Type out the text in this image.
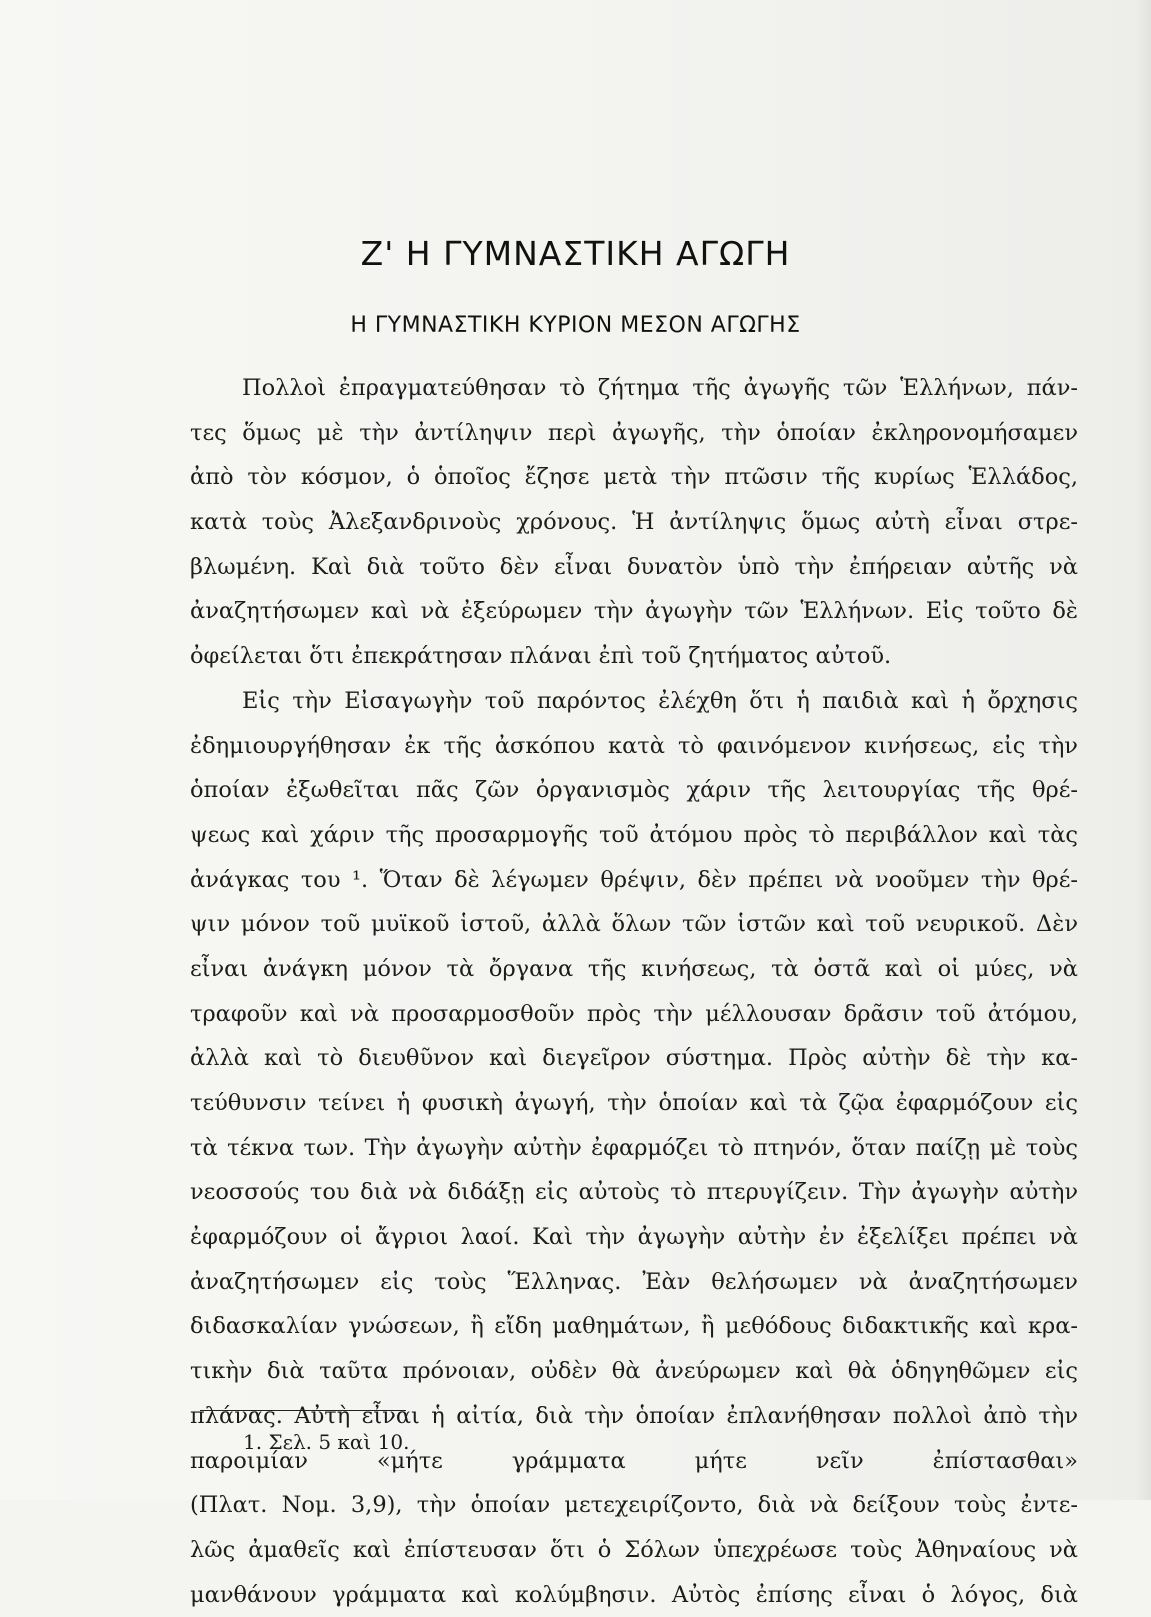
Ζ' Η ΓΥΜΝΑΣΤΙΚΗ ΑΓΩΓΗ
Η ΓΥΜΝΑΣΤΙΚΗ ΚΥΡΙΟΝ ΜΕΣΟΝ ΑΓΩΓΗΣ
Πολλοὶ ἐπραγματεύθησαν τὸ ζήτημα τῆς ἀγωγῆς τῶν Ἑλλήνων, πάν-
τες ὅμως μὲ τὴν ἀντίληψιν περὶ ἀγωγῆς, τὴν ὁποίαν ἐκληρονομήσαμεν
ἀπὸ τὸν κόσμον, ὁ ὁποῖος ἔζησε μετὰ τὴν πτῶσιν τῆς κυρίως Ἑλλάδος,
κατὰ τοὺς Ἀλεξανδρινοὺς χρόνους. Ἡ ἀντίληψις ὅμως αὐτὴ εἶναι στρε-
βλωμένη. Καὶ διὰ τοῦτο δὲν εἶναι δυνατὸν ὑπὸ τὴν ἐπήρειαν αὐτῆς νὰ
ἀναζητήσωμεν καὶ νὰ ἐξεύρωμεν τὴν ἀγωγὴν τῶν Ἑλλήνων. Εἰς τοῦτο δὲ
ὀφείλεται ὅτι ἐπεκράτησαν πλάναι ἐπὶ τοῦ ζητήματος αὐτοῦ.
Εἰς τὴν Εἰσαγωγὴν τοῦ παρόντος ἐλέχθη ὅτι ἡ παιδιὰ καὶ ἡ ὄρχησις
ἐδημιουργήθησαν ἐκ τῆς ἀσκόπου κατὰ τὸ φαινόμενον κινήσεως, εἰς τὴν
ὁποίαν ἐξωθεῖται πᾶς ζῶν ὀργανισμὸς χάριν τῆς λειτουργίας τῆς θρέ-
ψεως καὶ χάριν τῆς προσαρμογῆς τοῦ ἀτόμου πρὸς τὸ περιβάλλον καὶ τὰς
ἀνάγκας του ¹. Ὅταν δὲ λέγωμεν θρέψιν, δὲν πρέπει νὰ νοοῦμεν τὴν θρέ-
ψιν μόνον τοῦ μυϊκοῦ ἱστοῦ, ἀλλὰ ὅλων τῶν ἱστῶν καὶ τοῦ νευρικοῦ. Δὲν
εἶναι ἀνάγκη μόνον τὰ ὄργανα τῆς κινήσεως, τὰ ὀστᾶ καὶ οἱ μύες, νὰ
τραφοῦν καὶ νὰ προσαρμοσθοῦν πρὸς τὴν μέλλουσαν δρᾶσιν τοῦ ἀτόμου,
ἀλλὰ καὶ τὸ διευθῦνον καὶ διεγεῖρον σύστημα. Πρὸς αὐτὴν δὲ τὴν κα-
τεύθυνσιν τείνει ἡ φυσικὴ ἀγωγή, τὴν ὁποίαν καὶ τὰ ζῷα ἐφαρμόζουν εἰς
τὰ τέκνα των. Τὴν ἀγωγὴν αὐτὴν ἐφαρμόζει τὸ πτηνόν, ὅταν παίζῃ μὲ τοὺς
νεοσσούς του διὰ νὰ διδάξῃ εἰς αὐτοὺς τὸ πτερυγίζειν. Τὴν ἀγωγὴν αὐτὴν
ἐφαρμόζουν οἱ ἄγριοι λαοί. Καὶ τὴν ἀγωγὴν αὐτὴν ἐν ἐξελίξει πρέπει νὰ
ἀναζητήσωμεν εἰς τοὺς Ἕλληνας. Ἐὰν θελήσωμεν νὰ ἀναζητήσωμεν
διδασκαλίαν γνώσεων, ἢ εἴδη μαθημάτων, ἢ μεθόδους διδακτικῆς καὶ κρα-
τικὴν διὰ ταῦτα πρόνοιαν, οὐδὲν θὰ ἀνεύρωμεν καὶ θὰ ὁδηγηθῶμεν εἰς
πλάνας. Αὐτὴ εἶναι ἡ αἰτία, διὰ τὴν ὁποίαν ἐπλανήθησαν πολλοὶ ἀπὸ τὴν
παροιμίαν «μήτε γράμματα μήτε νεῖν ἐπίστασθαι»
(Πλατ. Νομ. 3,9), τὴν ὁποίαν μετεχειρίζοντο, διὰ νὰ δείξουν τοὺς ἐντε-
λῶς ἀμαθεῖς καὶ ἐπίστευσαν ὅτι ὁ Σόλων ὑπεχρέωσε τοὺς Ἀθηναίους νὰ
μανθάνουν γράμματα καὶ κολύμβησιν. Αὐτὸς ἐπίσης εἶναι ὁ λόγος, διὰ
1. Σελ. 5 καὶ 10.
